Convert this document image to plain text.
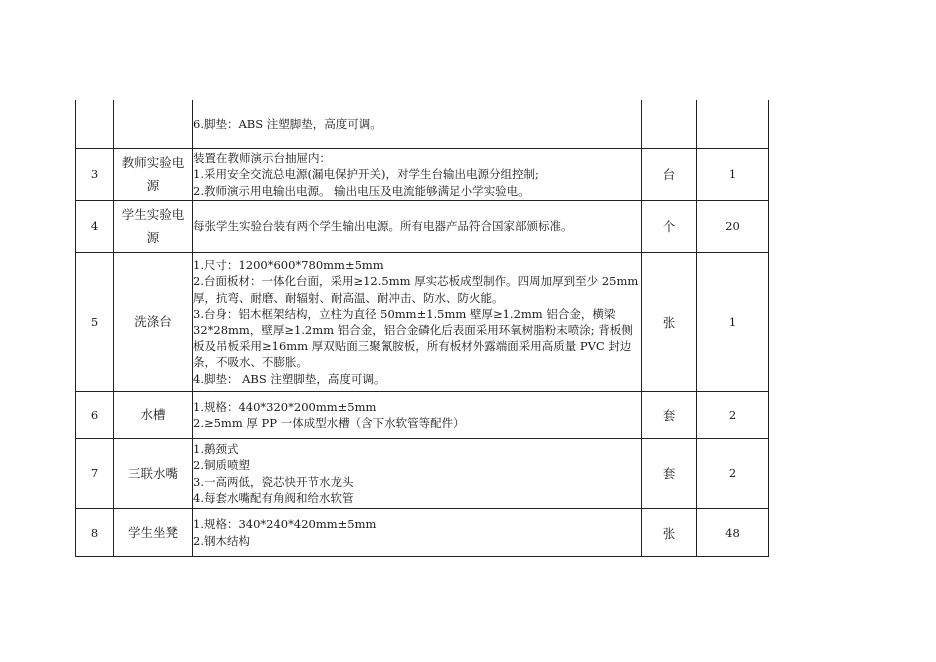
		6.脚垫：ABS 注塑脚垫，高度可调。		

3	教师实验电
源	装置在教师演示台抽屉内：
1.采用安全交流总电源(漏电保护开关)，对学生台输出电源分组控制;
2.教师演示用电输出电源。 输出电压及电流能够满足小学实验电。	台	1
4	学生实验电
源	每张学生实验台装有两个学生输出电源。所有电器产品符合国家部颁标准。	个	20
5	洗涤台	1.尺寸：1200*600*780mm±5mm
2.台面板材：一体化台面，采用≥12.5mm 厚实芯板成型制作。四周加厚到至少 25mm 厚，抗弯、耐磨、耐辐射、耐高温、耐冲击、防水、防火能。
3.台身：铝木框架结构，立柱为直径 50mm±1.5mm 壁厚≥1.2mm 铝合金，横梁 32*28mm，壁厚≥1.2mm 铝合金，铝合金磷化后表面采用环氧树脂粉末喷涂; 背板侧板及吊板采用≥16mm 厚双贴面三聚氰胺板，所有板材外露端面采用高质量 PVC 封边条，不吸水、不膨胀。
4.脚垫： ABS 注塑脚垫，高度可调。	张	1
6	水槽	1.规格：440*320*200mm±5mm
2.≥5mm 厚 PP 一体成型水槽（含下水软管等配件）	套	2
7	三联水嘴	1.鹅颈式
2.铜质喷塑
3.一高两低，瓷芯快开节水龙头
4.每套水嘴配有角阀和给水软管	套	2
8	学生坐凳	1.规格：340*240*420mm±5mm
2.钢木结构	张	48
